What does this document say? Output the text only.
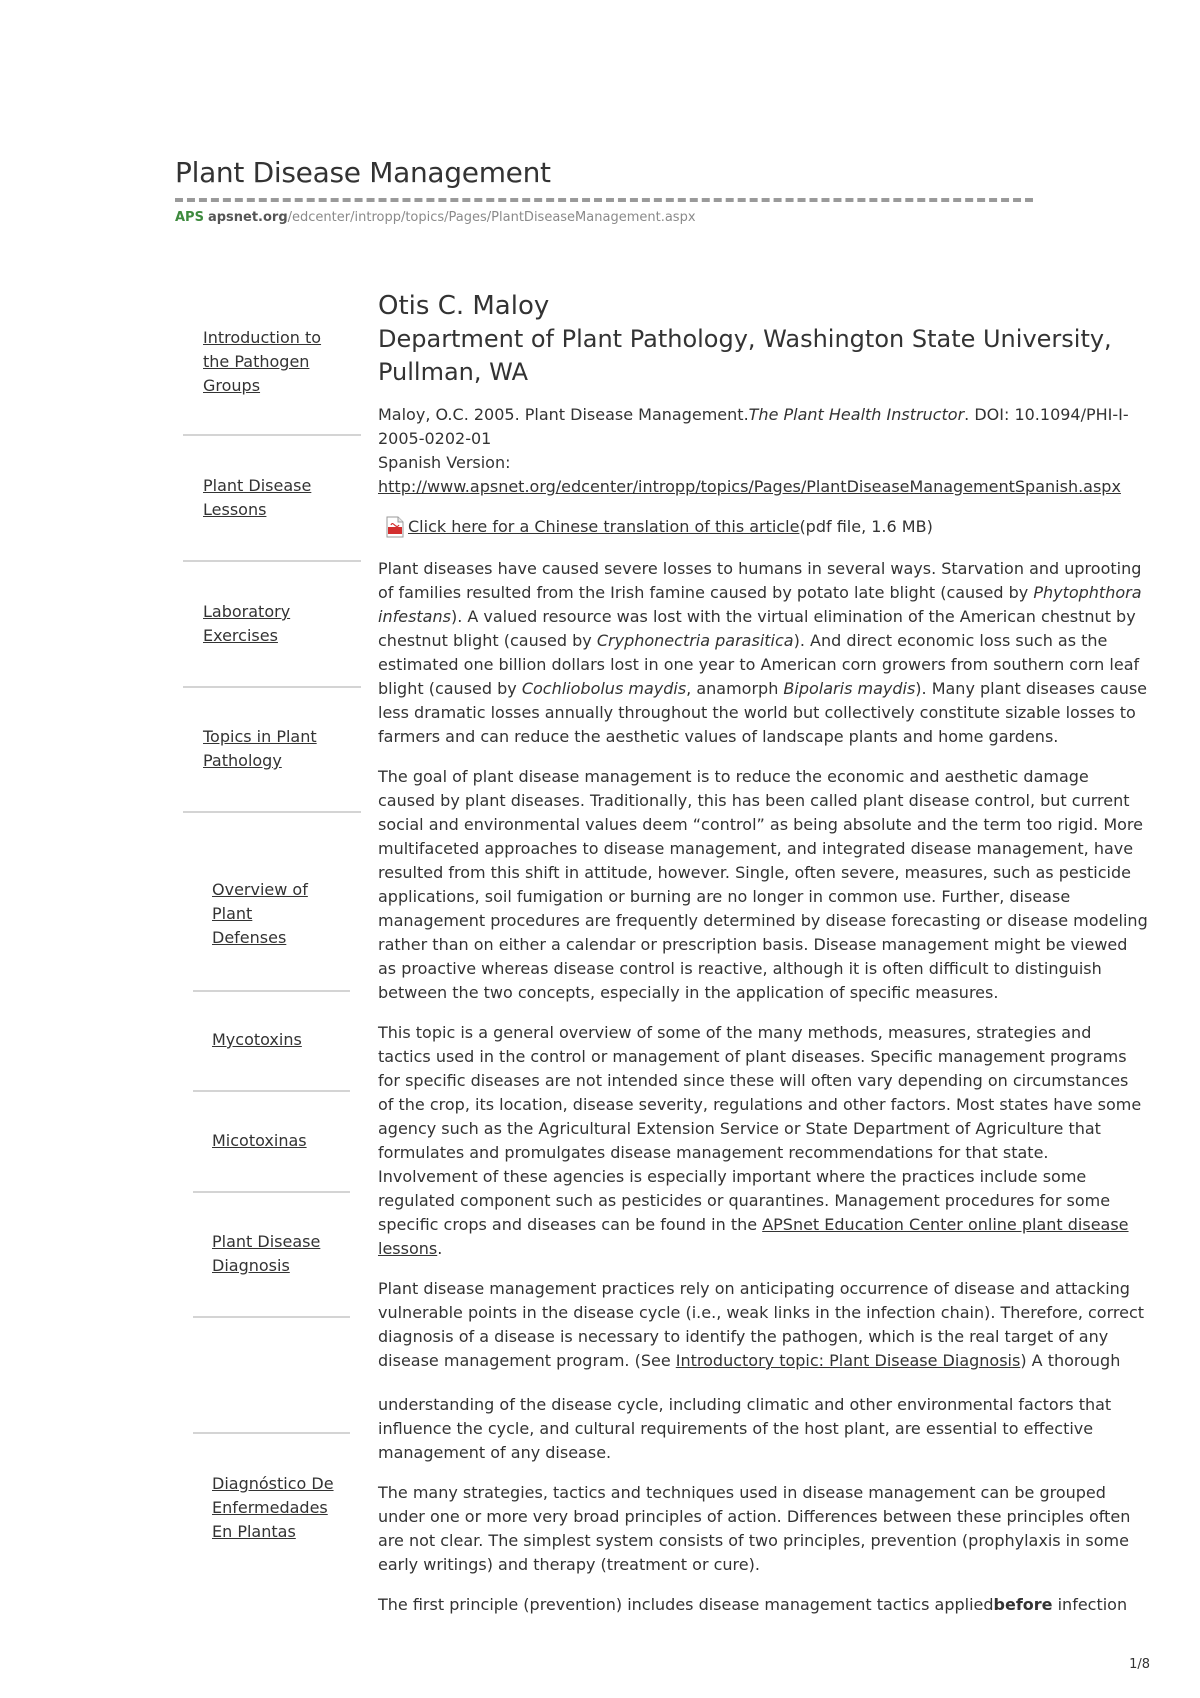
Plant Disease Management
APS apsnet.org/edcenter/intropp/topics/Pages/PlantDiseaseManagement.aspx
Introduction to the Pathogen Groups
Plant Disease Lessons
Laboratory Exercises
Topics in Plant Pathology
Overview of Plant Defenses
Mycotoxins
Micotoxinas
Plant Disease Diagnosis
Diagnóstico De Enfermedades En Plantas
Otis C. Maloy
Department of Plant Pathology, Washington State University, Pullman, WA

Maloy, O.C. 2005. Plant Disease Management.The Plant Health Instructor. DOI: 10.1094/PHI-I-2005-0202-01

Spanish Version:

http://www.apsnet.org/edcenter/intropp/topics/Pages/PlantDiseaseManagementSpanish.aspx

Click here for a Chinese translation of this article (pdf file, 1.6 MB)

Plant diseases have caused severe losses to humans in several ways. Starvation and uprooting of families resulted from the Irish famine caused by potato late blight (caused by Phytophthora infestans). A valued resource was lost with the virtual elimination of the American chestnut by chestnut blight (caused by Cryphonectria parasitica). And direct economic loss such as the estimated one billion dollars lost in one year to American corn growers from southern corn leaf blight (caused by Cochliobolus maydis, anamorph Bipolaris maydis). Many plant diseases cause less dramatic losses annually throughout the world but collectively constitute sizable losses to farmers and can reduce the aesthetic values of landscape plants and home gardens.

The goal of plant disease management is to reduce the economic and aesthetic damage caused by plant diseases. Traditionally, this has been called plant disease control, but current social and environmental values deem “control” as being absolute and the term too rigid. More multifaceted approaches to disease management, and integrated disease management, have resulted from this shift in attitude, however. Single, often severe, measures, such as pesticide applications, soil fumigation or burning are no longer in common use. Further, disease management procedures are frequently determined by disease forecasting or disease modeling rather than on either a calendar or prescription basis. Disease management might be viewed as proactive whereas disease control is reactive, although it is often difficult to distinguish between the two concepts, especially in the application of specific measures.

This topic is a general overview of some of the many methods, measures, strategies and tactics used in the control or management of plant diseases. Specific management programs for specific diseases are not intended since these will often vary depending on circumstances of the crop, its location, disease severity, regulations and other factors. Most states have some agency such as the Agricultural Extension Service or State Department of Agriculture that formulates and promulgates disease management recommendations for that state. Involvement of these agencies is especially important where the practices include some regulated component such as pesticides or quarantines. Management procedures for some specific crops and diseases can be found in the APSnet Education Center online plant disease lessons.

Plant disease management practices rely on anticipating occurrence of disease and attacking vulnerable points in the disease cycle (i.e., weak links in the infection chain). Therefore, correct diagnosis of a disease is necessary to identify the pathogen, which is the real target of any disease management program. (See Introductory topic: Plant Disease Diagnosis) A thorough

understanding of the disease cycle, including climatic and other environmental factors that influence the cycle, and cultural requirements of the host plant, are essential to effective management of any disease.

The many strategies, tactics and techniques used in disease management can be grouped under one or more very broad principles of action. Differences between these principles often are not clear. The simplest system consists of two principles, prevention (prophylaxis in some early writings) and therapy (treatment or cure).

The first principle (prevention) includes disease management tactics appliedbefore infection

1/8
